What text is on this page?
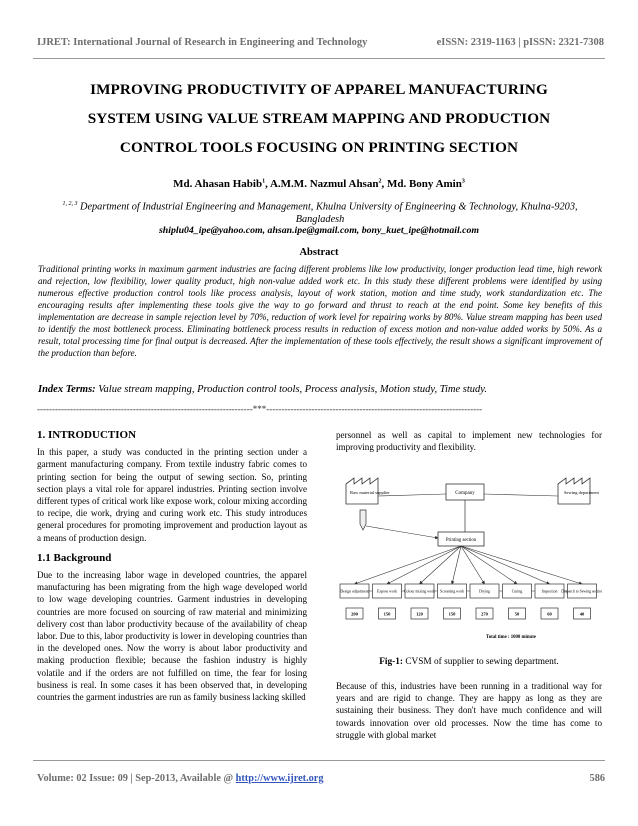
IJRET: International Journal of Research in Engineering and Technology	eISSN: 2319-1163 | pISSN: 2321-7308
IMPROVING PRODUCTIVITY OF APPAREL MANUFACTURING
SYSTEM USING VALUE STREAM MAPPING AND PRODUCTION
CONTROL TOOLS FOCUSING ON PRINTING SECTION
Md. Ahasan Habib$^1$, A.M.M. Nazmul Ahsan$^2$, Md. Bony Amin$^3$
$^{1, 2, 3}$ Department of Industrial Engineering and Management, Khulna University of Engineering & Technology, Khulna-9203, Bangladesh
shiplu04_ipe@yahoo.com, ahsan.ipe@gmail.com, bony_kuet_ipe@hotmail.com
Abstract
Traditional printing works in maximum garment industries are facing different problems like low productivity, longer production lead time, high rework and rejection, low flexibility, lower quality product, high non-value added work etc. In this study these different problems were identified by using numerous effective production control tools like process analysis, layout of work station, motion and time study, work standardization etc. The encouraging results after implementing these tools give the way to go forward and thrust to reach at the end point. Some key benefits of this implementation are decrease in sample rejection level by 70%, reduction of work level for repairing works by 80%. Value stream mapping has been used to identify the most bottleneck process. Eliminating bottleneck process results in reduction of excess motion and non-value added works by 50%. As a result, total processing time for final output is decreased. After the implementation of these tools effectively, the result shows a significant improvement of the production than before.
Index Terms: Value stream mapping, Production control tools, Process analysis, Motion study, Time study.
------------------------------------------------------------------------***------------------------------------------------------------------------
1. INTRODUCTION
In this paper, a study was conducted in the printing section under a garment manufacturing company. From textile industry fabric comes to printing section for being the output of sewing section. So, printing section plays a vital role for apparel industries. Printing section involve different types of critical work like expose work, colour mixing according to recipe, die work, drying and curing work etc. This study introduces general procedures for promoting improvement and production layout as a means of production design.
1.1 Background
Due to the increasing labor wage in developed countries, the apparel manufacturing has been migrating from the high wage developed world to low wage developing countries. Garment industries in developing countries are more focused on sourcing of raw material and minimizing delivery cost than labor productivity because of the availability of cheap labor. Due to this, labor productivity is lower in developing countries than in the developed ones. Now the worry is about labor productivity and making production flexible; because the fashion industry is highly volatile and if the orders are not fulfilled on time, the fear for losing business is real. In some cases it has been observed that, in developing countries the garment industries are run as family business lacking skilled
personnel as well as capital to implement new technologies for improving productivity and flexibility.
Raw material supplier	Company	Sewing department
Printing section
Design adjustment Expose work Colour mixing work Screening work	Drying	Curing	Inspection Dispatch to Sewing section
200	150	120	150	270	50	60	40
Total time : 1000 minute
Fig-1: CVSM of supplier to sewing department.
Because of this, industries have been running in a traditional way for years and are rigid to change. They are happy as long as they are sustaining their business. They don't have much confidence and will towards innovation over old processes. Now the time has come to struggle with global market
Volume: 02 Issue: 09 | Sep-2013, Available @ http://www.ijret.org	586
